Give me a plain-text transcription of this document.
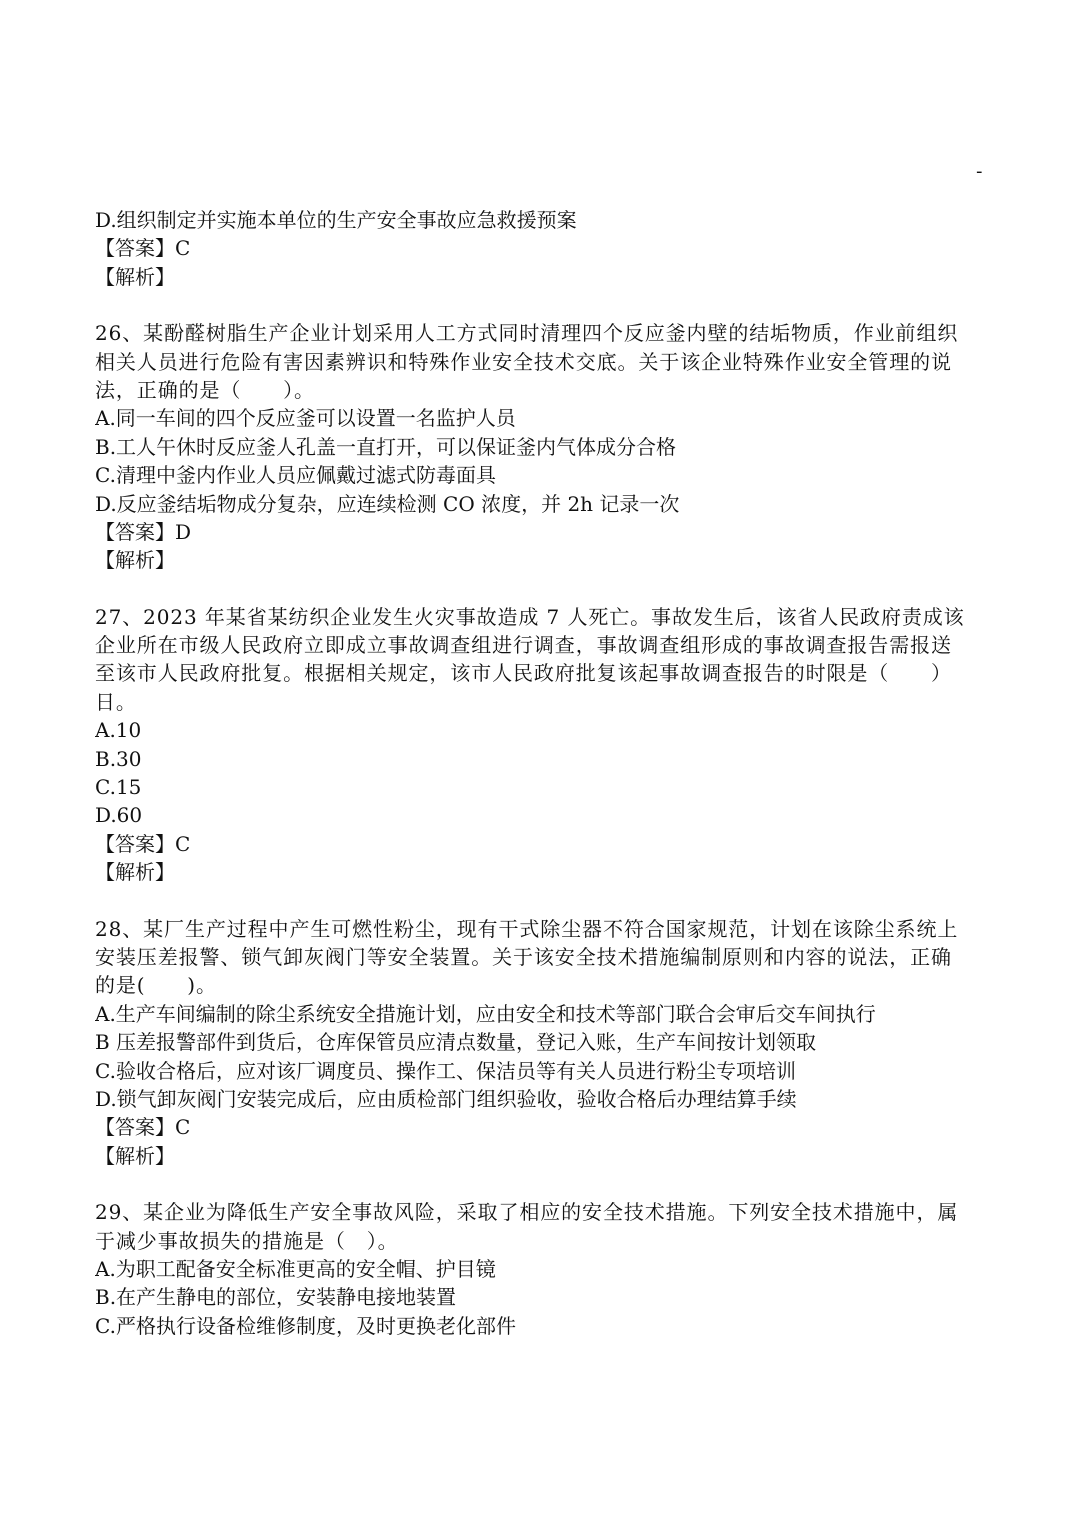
-
D.组织制定并实施本单位的生产安全事故应急救援预案
【答案】C
【解析】
26、某酚醛树脂生产企业计划采用人工方式同时清理四个反应釜内壁的结垢物质，作业前组织
相关人员进行危险有害因素辨识和特殊作业安全技术交底。关于该企业特殊作业安全管理的说
法，正确的是（　　）。
A.同一车间的四个反应釜可以设置一名监护人员
B.工人午休时反应釜人孔盖一直打开，可以保证釜内气体成分合格
C.清理中釜内作业人员应佩戴过滤式防毒面具
D.反应釜结垢物成分复杂，应连续检测 CO 浓度，并 2h 记录一次
【答案】D
【解析】
27、2023 年某省某纺织企业发生火灾事故造成 7 人死亡。事故发生后，该省人民政府责成该
企业所在市级人民政府立即成立事故调查组进行调查，事故调查组形成的事故调查报告需报送
至该市人民政府批复。根据相关规定，该市人民政府批复该起事故调查报告的时限是（　　）
日。
A.10
B.30
C.15
D.60
【答案】C
【解析】
28、某厂生产过程中产生可燃性粉尘，现有干式除尘器不符合国家规范，计划在该除尘系统上
安装压差报警、锁气卸灰阀门等安全装置。关于该安全技术措施编制原则和内容的说法，正确
的是(　　)。
A.生产车间编制的除尘系统安全措施计划，应由安全和技术等部门联合会审后交车间执行
B 压差报警部件到货后，仓库保管员应清点数量，登记入账，生产车间按计划领取
C.验收合格后，应对该厂调度员、操作工、保洁员等有关人员进行粉尘专项培训
D.锁气卸灰阀门安装完成后，应由质检部门组织验收，验收合格后办理结算手续
【答案】C
【解析】
29、某企业为降低生产安全事故风险，采取了相应的安全技术措施。下列安全技术措施中，属
于减少事故损失的措施是（　）。
A.为职工配备安全标准更高的安全帽、护目镜
B.在产生静电的部位，安装静电接地装置
C.严格执行设备检维修制度，及时更换老化部件
